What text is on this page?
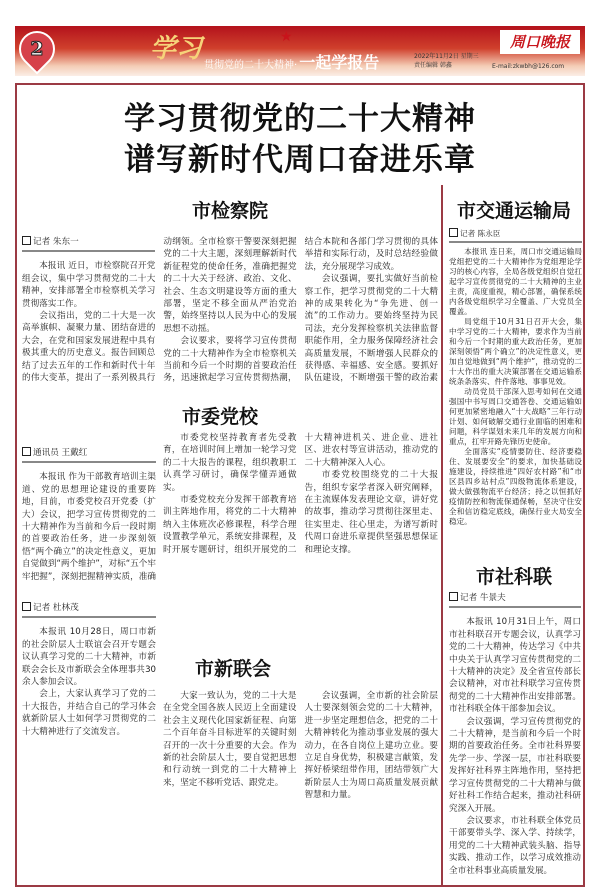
2	学习	★
贯彻党的二十大精神· 一起学报告	2022年11月2日 星期三
责任编辑 韩鑫
周口晚报
E-mail:zkwbh@126.com
学习贯彻党的二十大精神
谱写新时代周口奋进乐章
市检察院
记者 朱东一

本报讯 近日，市检察院召开党组会议，集中学习贯彻党的二十大精神，安排部署全市检察机关学习贯彻落实工作。

会议指出，党的二十大是一次高举旗帜、凝聚力量、团结奋进的大会，在党和国家发展进程中具有极其重大的历史意义。报告回顾总结了过去五年的工作和新时代十年的伟大变革，提出了一系列极具行动纲领。全市检察干警要深刻把握党的二十大主题，深刻理解新时代新征程党的使命任务，准确把握党的二十大关于经济、政治、文化、社会、生态文明建设等方面的重大部署，坚定不移全面从严治党治警，始终坚持以人民为中心的发展思想不动摇。

会议要求，要将学习宣传贯彻党的二十大精神作为全市检察机关当前和今后一个时期的首要政治任务，迅速掀起学习宣传贯彻热潮，结合本院和各部门学习贯彻的具体举措和实际行动，及时总结经验做法，充分展现学习成效。

会议强调，要扎实做好当前检察工作，把学习贯彻党的二十大精神的成果转化为“争先进、创一流”的工作动力。要始终坚持为民司法，充分发挥检察机关法律监督职能作用，全力服务保障经济社会高质量发展，不断增强人民群众的获得感、幸福感、安全感。要抓好队伍建设，不断增强干警的政治素

市委党校
通讯员 王戴红

本报讯 作为干部教育培训主渠道、党的思想理论建设的重要阵地，目前，市委党校召开党委（扩大）会议，把学习宣传贯彻党的二十大精神作为当前和今后一段时期的首要政治任务，进一步深刻领悟“两个确立”的决定性意义，更加自觉做到“两个维护”，对标“五个牢牢把握”，深刻把握精神实质，准确

市委党校坚持教育者先受教育，在培训时间上增加一轮学习党的二十大报告的课程，组织教职工认真学习研讨，确保学懂弄通做实。

市委党校充分发挥干部教育培训主阵地作用，将党的二十大精神纳入主体班次必修课程，科学合理设置教学单元，系统安排课程，及时开展专题研讨，组织开展党的二十大精神进机关、进企业、进社区、进农村等宣讲活动，推动党的二十大精神深入人心。

市委党校围绕党的二十大报告，组织专家学者深入研究阐释，在主流媒体发表理论文章，讲好党的故事，推动学习贯彻往深里走、往实里走、往心里走，为谱写新时代周口奋进乐章提供坚强思想保证和理论支撑。

记者 杜林茂

本报讯 10月28日，周口市新的社会阶层人士联谊会召开专题会议认真学习党的二十大精神，市新联会会长及市新联会全体理事共30余人参加会议。

会上，大家认真学习了党的二十大报告，并结合自己的学习体会就新阶层人士如何学习贯彻党的二十大精神进行了交流发言。

市新联会

大家一致认为，党的二十大是在全党全国各族人民迈上全面建设社会主义现代化国家新征程、向第二个百年奋斗目标进军的关键时刻召开的一次十分重要的大会。作为新的社会阶层人士，要自觉把思想和行动统一到党的二十大精神上来，坚定不移听党话、跟党走。

会议强调，全市新的社会阶层人士要深刻领会党的二十大精神，进一步坚定理想信念，把党的二十大精神转化为推动事业发展的强大动力，在各自岗位上建功立业。要立足自身优势，积极建言献策，发挥好桥梁纽带作用，团结带领广大新阶层人士为周口高质量发展贡献智慧和力量。

市交通运输局
记者 陈永臣

本报讯 连日来，周口市交通运输局党组把党的二十大精神作为党组理论学习的核心内容，全局各级党组织自觉扛起学习宣传贯彻党的二十大精神的主业主责，高度重视，精心部署，确保系统内各级党组织学习全覆盖、广大党员全覆盖。

局党组于10月31日召开大会，集中学习党的二十大精神，要求作为当前和今后一个时期的重大政治任务，更加深刻领悟“两个确立”的决定性意义，更加自觉地做到“两个维护”，推动党的二十大作出的重大决策部署在交通运输系统条条落实、件件落地、事事见效。

动员党员干部深入思考如何在交通强国中书写周口交通答卷、交通运输如何更加紧密地融入“十大战略”三年行动计划、如何破解交通行业面临的困难和问题，科学谋划未来几年的发展方向和重点，扛牢开路先锋历史使命。

全面落实“疫情要防住、经济要稳住、发展要安全”的要求，加快基础设施建设，持续推进“四好农村路”和“市区县四乡站村点”四级物流体系建设，做大做强物流平台经济；持之以恒抓好疫情防控和物流保通保畅，坚决守住安全和信访稳定底线，确保行业大局安全稳定。

市社科联
记者 牛景夫

本报讯 10月31日上午，周口市社科联召开专题会议，认真学习党的二十大精神，传达学习《中共中央关于认真学习宣传贯彻党的二十大精神的决定》及全省宣传部长会议精神，对市社科联学习宣传贯彻党的二十大精神作出安排部署。市社科联全体干部参加会议。

会议强调，学习宣传贯彻党的二十大精神，是当前和今后一个时期的首要政治任务。全市社科界要先学一步、学深一层，市社科联要发挥好社科界主阵地作用，坚持把学习宣传贯彻党的二十大精神与做好社科工作结合起来，推动社科研究深入开展。

会议要求，市社科联全体党员干部要带头学、深入学、持续学，用党的二十大精神武装头脑、指导实践、推动工作，以学习成效推动全市社科事业高质量发展。
